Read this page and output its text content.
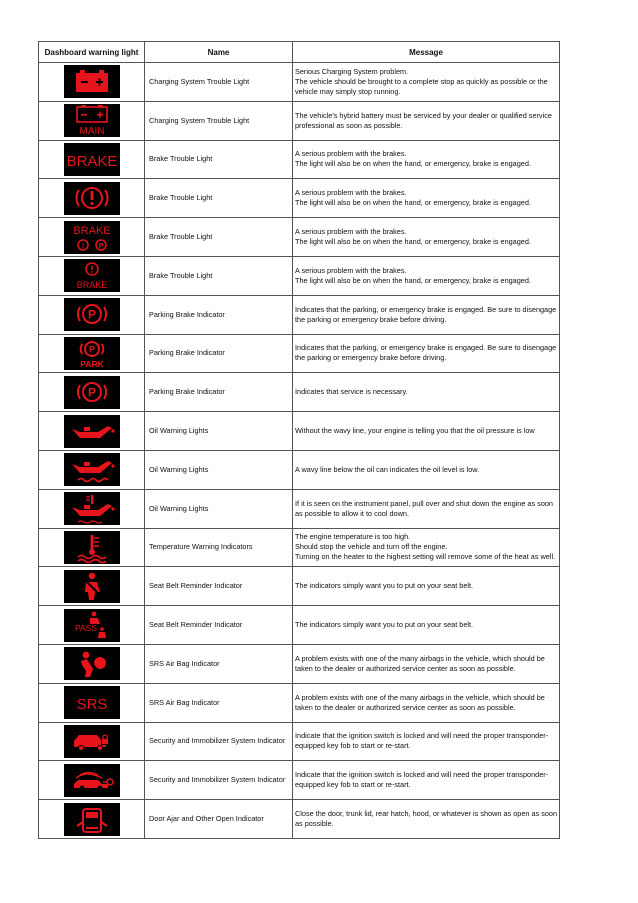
Dashboard warning light	Name	Message

	Charging System Trouble Light	Serious Charging System problem.
The vehicle should be brought to a complete stop as quickly as possible or the vehicle may simply stop running.

MAIN	Charging System Trouble Light	The vehicle's hybrid battery must be serviced by your dealer or qualified service professional as soon as possible.

BRAKE	Brake Trouble Light	A serious problem with the brakes.
The light will also be on when the hand, or emergency, brake is engaged.

	Brake Trouble Light	A serious problem with the brakes.
The light will also be on when the hand, or emergency, brake is engaged.

BRAKE
! P	Brake Trouble Light	A serious problem with the brakes.
The light will also be on when the hand, or emergency, brake is engaged.

BRAKE	Brake Trouble Light	A serious problem with the brakes.
The light will also be on when the hand, or emergency, brake is engaged.

P	Parking Brake Indicator	Indicates that the parking, or emergency brake is engaged. Be sure to disengage the parking or emergency brake before driving.

P
PARK	Parking Brake Indicator	Indicates that the parking, or emergency brake is engaged. Be sure to disengage the parking or emergency brake before driving.

P	Parking Brake Indicator	Indicates that service is necessary.

	Oil Warning Lights	Without the wavy line, your engine is telling you that the oil pressure is low

	Oil Warning Lights	A wavy line below the oil can indicates the oil level is low.

	Oil Warning Lights	If it is seen on the instrument panel, pull over and shut down the engine as soon as possible to allow it to cool down.

	Temperature Warning Indicators	The engine temperature is too high.
Should stop the vehicle and turn off the engine.
Turning on the heater to the highest setting will remove some of the heat as well.

	Seat Belt Reminder Indicator	The indicators simply want you to put on your seat belt.

PASS	Seat Belt Reminder Indicator	The indicators simply want you to put on your seat belt.

	SRS Air Bag Indicator	A problem exists with one of the many airbags in the vehicle, which should be taken to the dealer or authorized service center as soon as possible.

SRS	SRS Air Bag Indicator	A problem exists with one of the many airbags in the vehicle, which should be taken to the dealer or authorized service center as soon as possible.

	Security and Immobilizer System Indicator	Indicate that the ignition switch is locked and will need the proper transponder-equipped key fob to start or re-start.

	Security and Immobilizer System Indicator	Indicate that the ignition switch is locked and will need the proper transponder-equipped key fob to start or re-start.

	Door Ajar and Other Open Indicator	Close the door, trunk lid, rear hatch, hood, or whatever is shown as open as soon as possible.
